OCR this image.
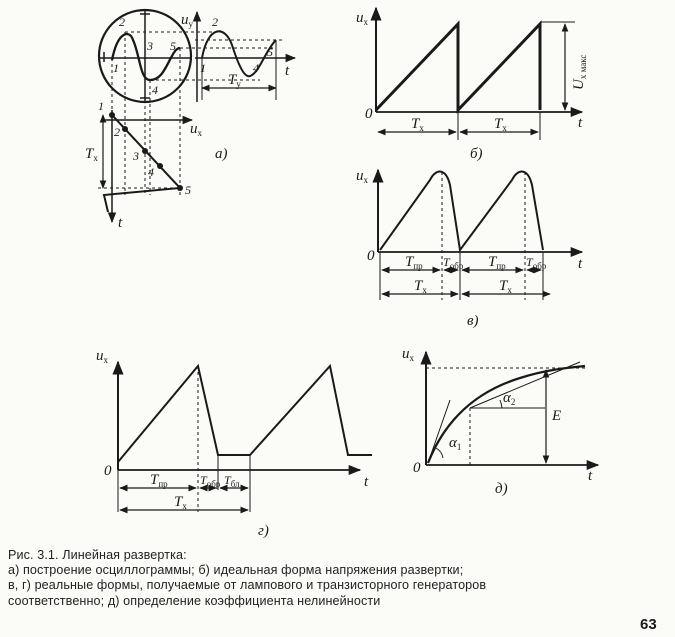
1
2
3
4
5
2
3
4
5
1
2
1	4
5
$u_y$
t
$T_y$
$u_x$
$T_x$
t
а)
$u_x$
0
t
$T_x$	$T_x$
$U_{x макс}$
б)
$u_x$
0	t
$T_{пр}$ $T_{обр}$ $T_{пр}$ $T_{обр}$
$T_x$	$T_x$
в)
$u_x$
0
t
$T_{пр}$	$T_{обр}$ $T_{бл}$
$T_x$
г)
$u_x$
0	t
$\alpha_1$
$\alpha_2$
E
д)
Рис. 3.1. Линейная развертка:
а) построение осциллограммы; б) идеальная форма напряжения развертки;
в, г) реальные формы, получаемые от лампового и транзисторного генераторов
соответственно; д) определение коэффициента нелинейности
63
